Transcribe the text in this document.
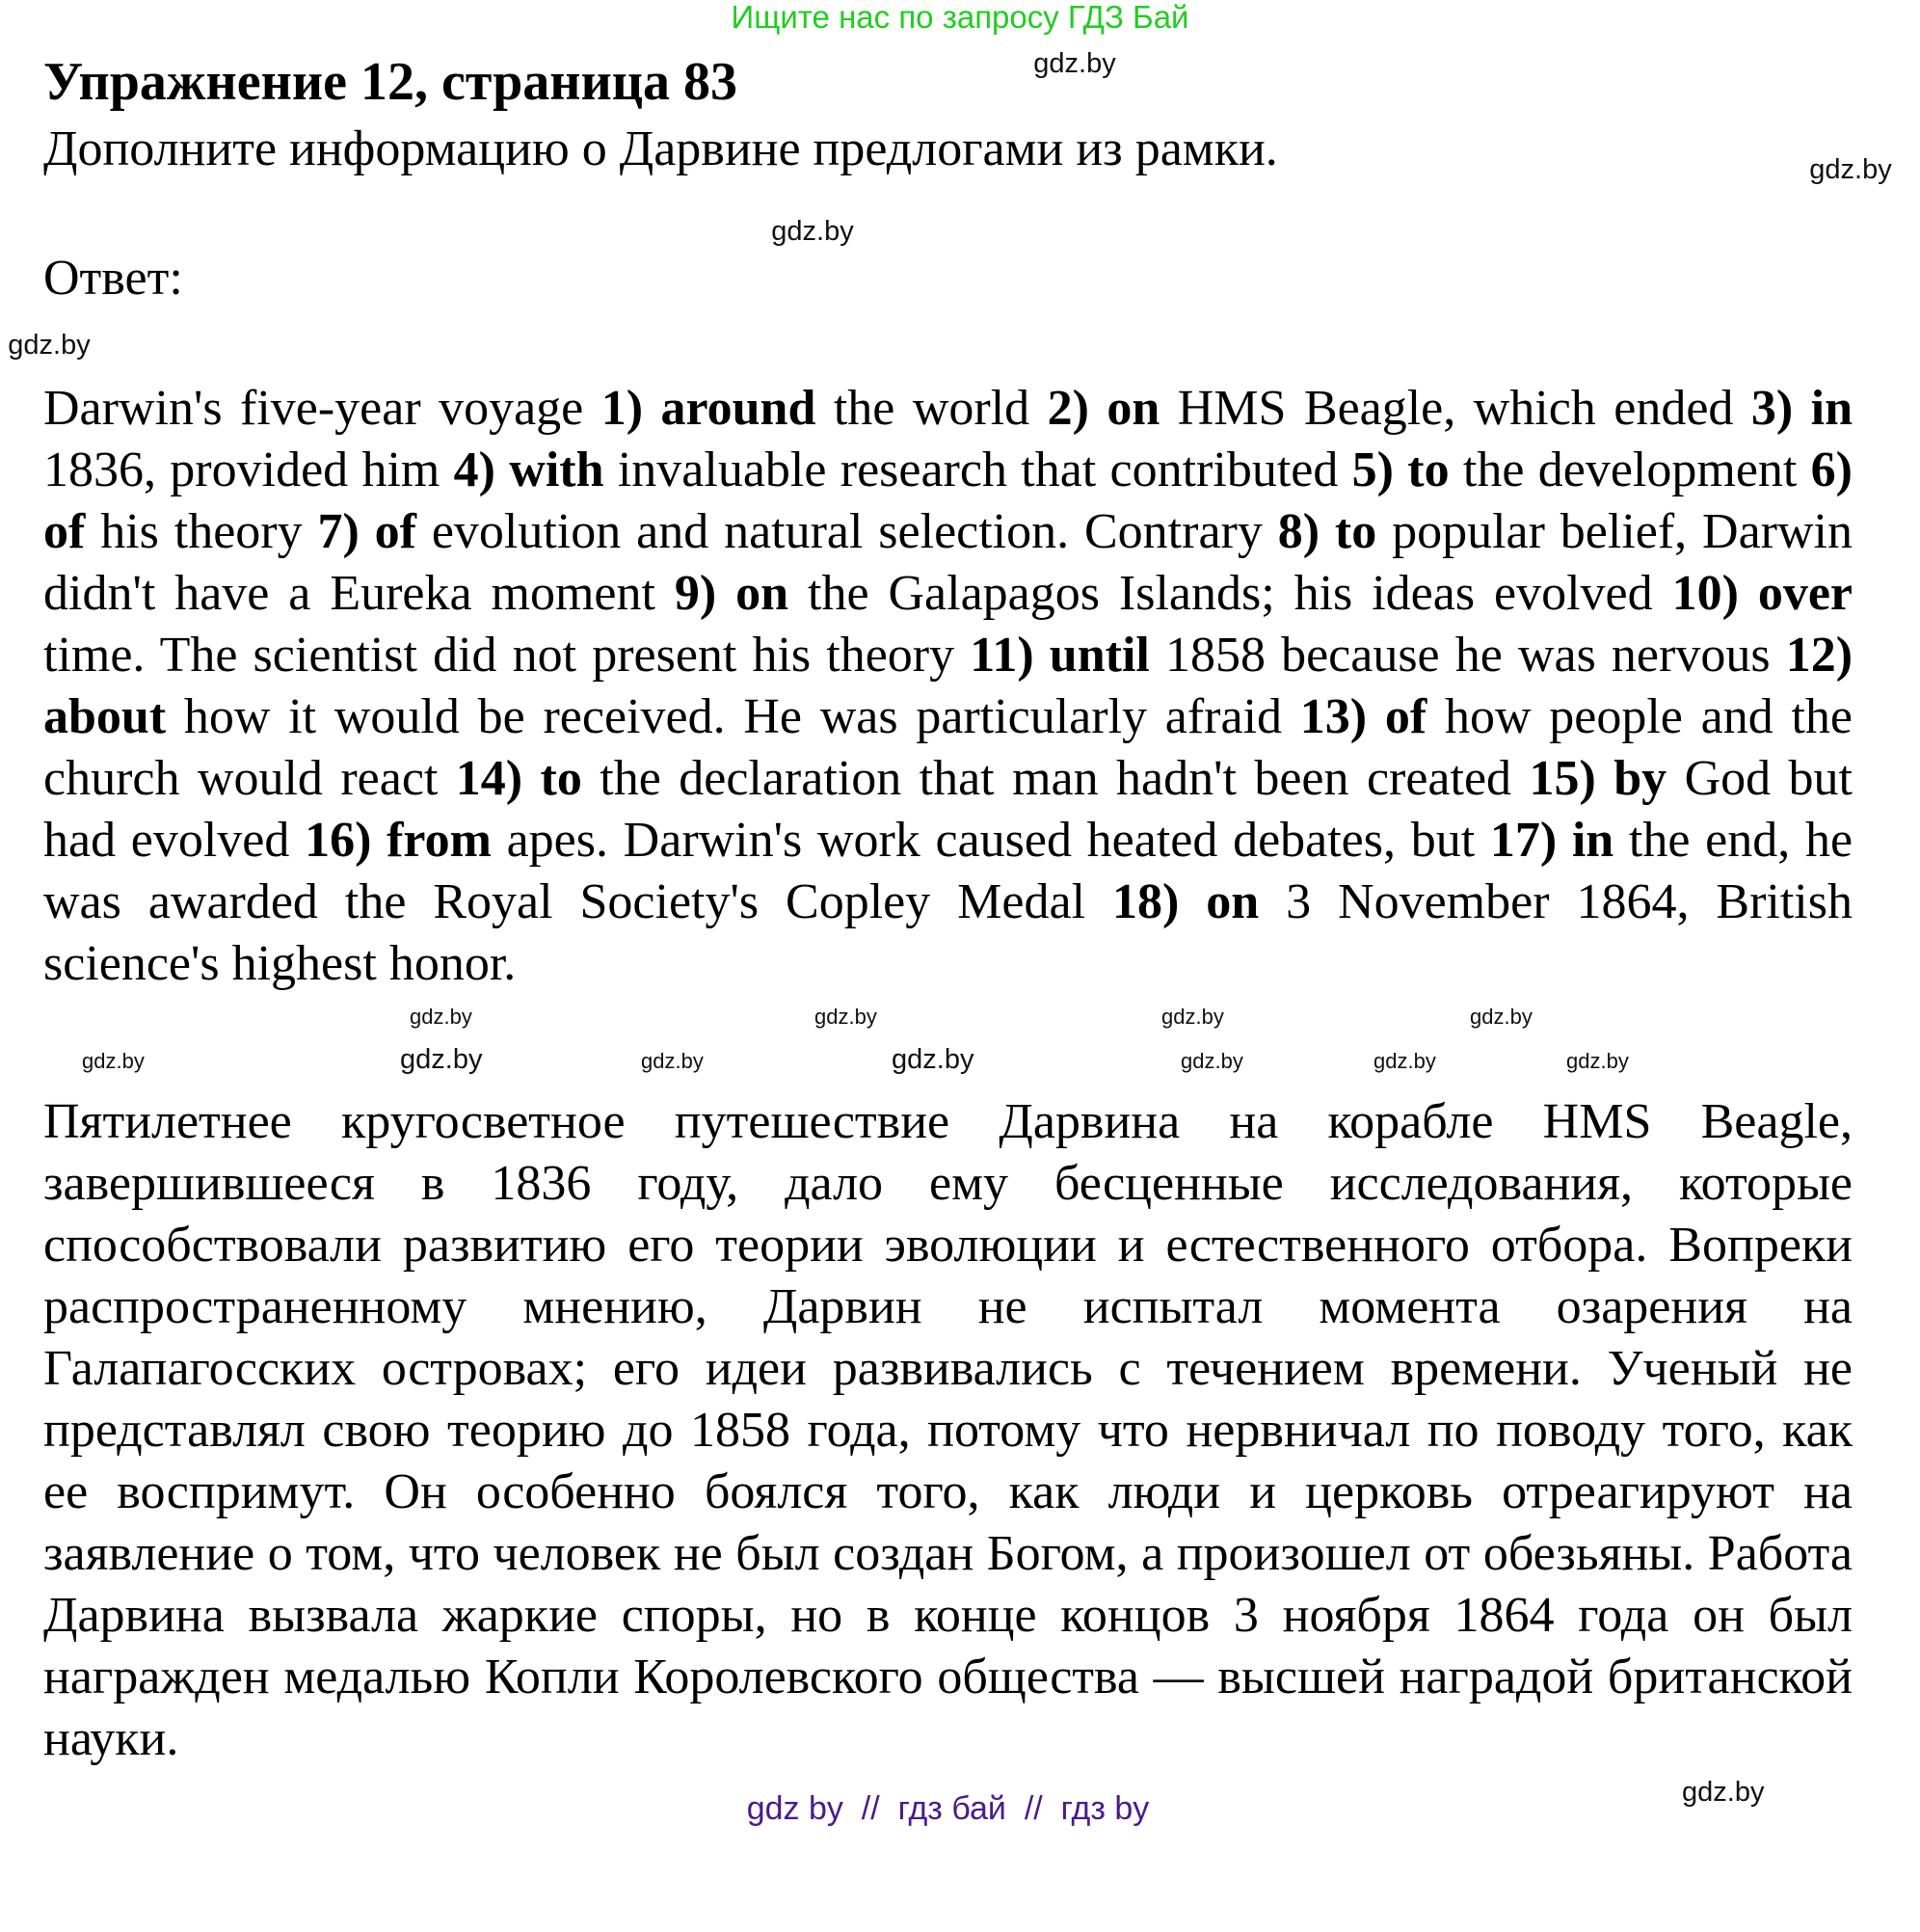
Ищите нас по запросу ГДЗ Бай
Упражнение 12, страница 83
Дополните информацию о Дарвине предлогами из рамки.
Ответ:
gdz.by
gdz.by
gdz.by
gdz.by
Darwin's five-year voyage 1) around the world 2) on HMS Beagle, which ended 3) in 1836, provided him 4) with invaluable research that contributed 5) to the development 6) of his theory 7) of evolution and natural selection. Contrary 8) to popular belief, Darwin didn't have a Eureka moment 9) on the Galapagos Islands; his ideas evolved 10) over time. The scientist did not present his theory 11) until 1858 because he was nervous 12) about how it would be received. He was particularly afraid 13) of how people and the church would react 14) to the declaration that man hadn't been created 15) by God but had evolved 16) from apes. Darwin's work caused heated debates, but 17) in the end, he was awarded the Royal Society's Copley Medal 18) on 3 November 1864, British science's highest honor.
gdz.by
gdz.by
gdz.by	gdz.by
gdz.by
gdz.by	gdz.by
gdz.by	gdz.by
gdz.by
gdz.by
Пятилетнее кругосветное путешествие Дарвина на корабле HMS Beagle, завершившееся в 1836 году, дало ему бесценные исследования, которые способствовали развитию его теории эволюции и естественного отбора. Вопреки распространенному мнению, Дарвин не испытал момента озарения на Галапагосских островах; его идеи развивались с течением времени. Ученый не представлял свою теорию до 1858 года, потому что нервничал по поводу того, как ее воспримут. Он особенно боялся того, как люди и церковь отреагируют на заявление о том, что человек не был создан Богом, а произошел от обезьяны. Работа Дарвина вызвала жаркие споры, но в конце концов 3 ноября 1864 года он был награжден медалью Копли Королевского общества — высшей наградой британской науки.
gdz by  //  гдз бай  //  гдз by	gdz.by
